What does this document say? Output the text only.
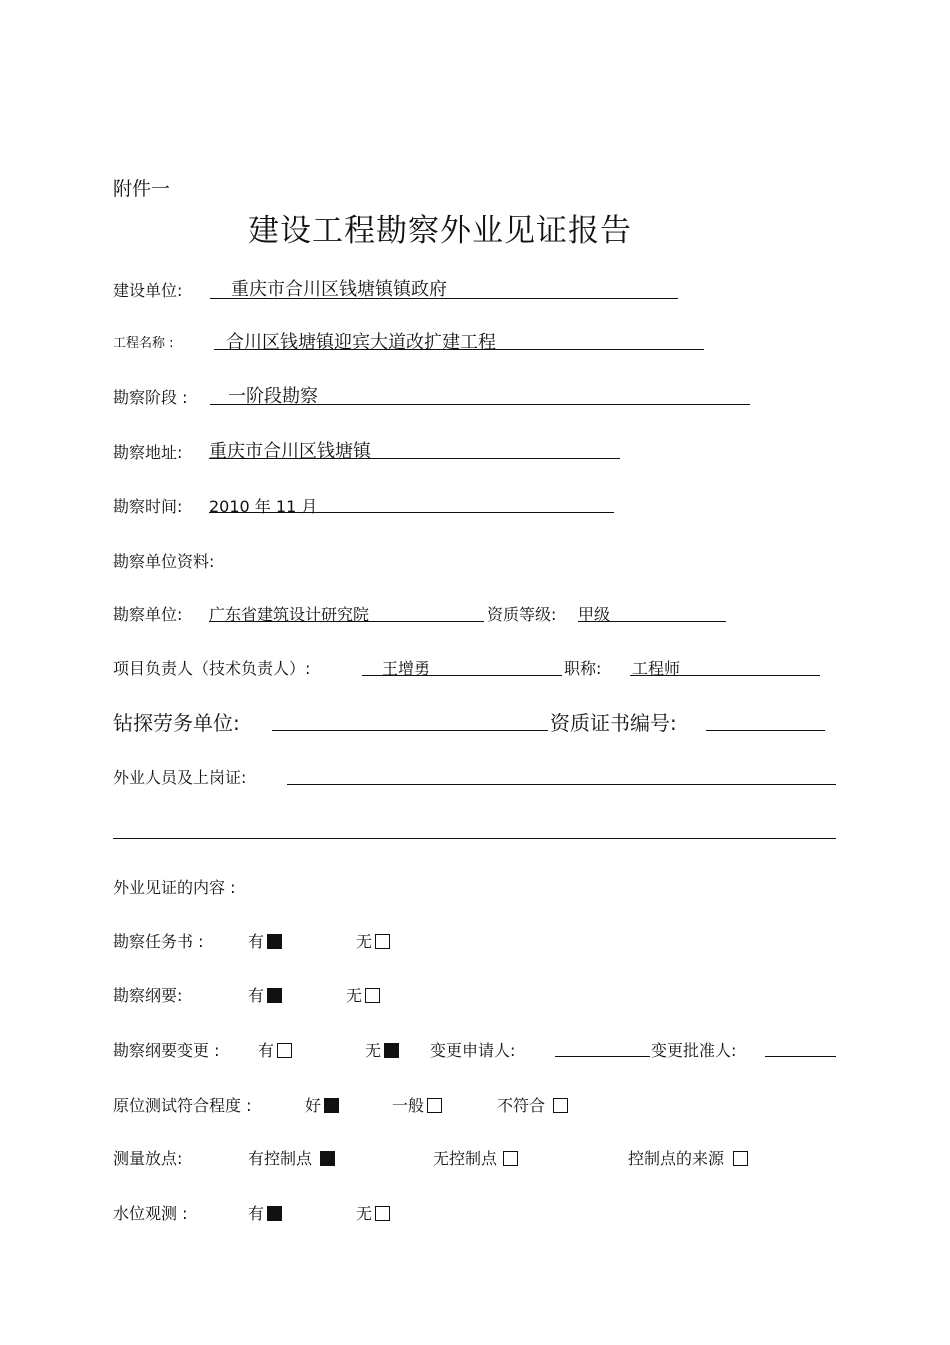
附件一
建设工程勘察外业见证报告
建设单位:	重庆市合川区钱塘镇镇政府
工程名称 :	合川区钱塘镇迎宾大道改扩建工程
勘察阶段 : 一阶段勘察
勘察地址: 重庆市合川区钱塘镇
勘察时间: 2010 年 11 月
勘察单位资料:
勘察单位: 广东省建筑设计研究院	资质等级: 甲级
项目负责人（技术负责人）:	王增勇	职称: 工程师
钻探劳务单位:	资质证书编号:
外业人员及上岗证:
外业见证的内容 :
勘察任务书 :	有	无
勘察纲要:	有	无
勘察纲要变更 : 有	无	变更申请人:	变更批准人:
原位测试符合程度 :	好	一般	不符合
测量放点:	有控制点	无控制点	控制点的来源
水位观测 :	有	无
